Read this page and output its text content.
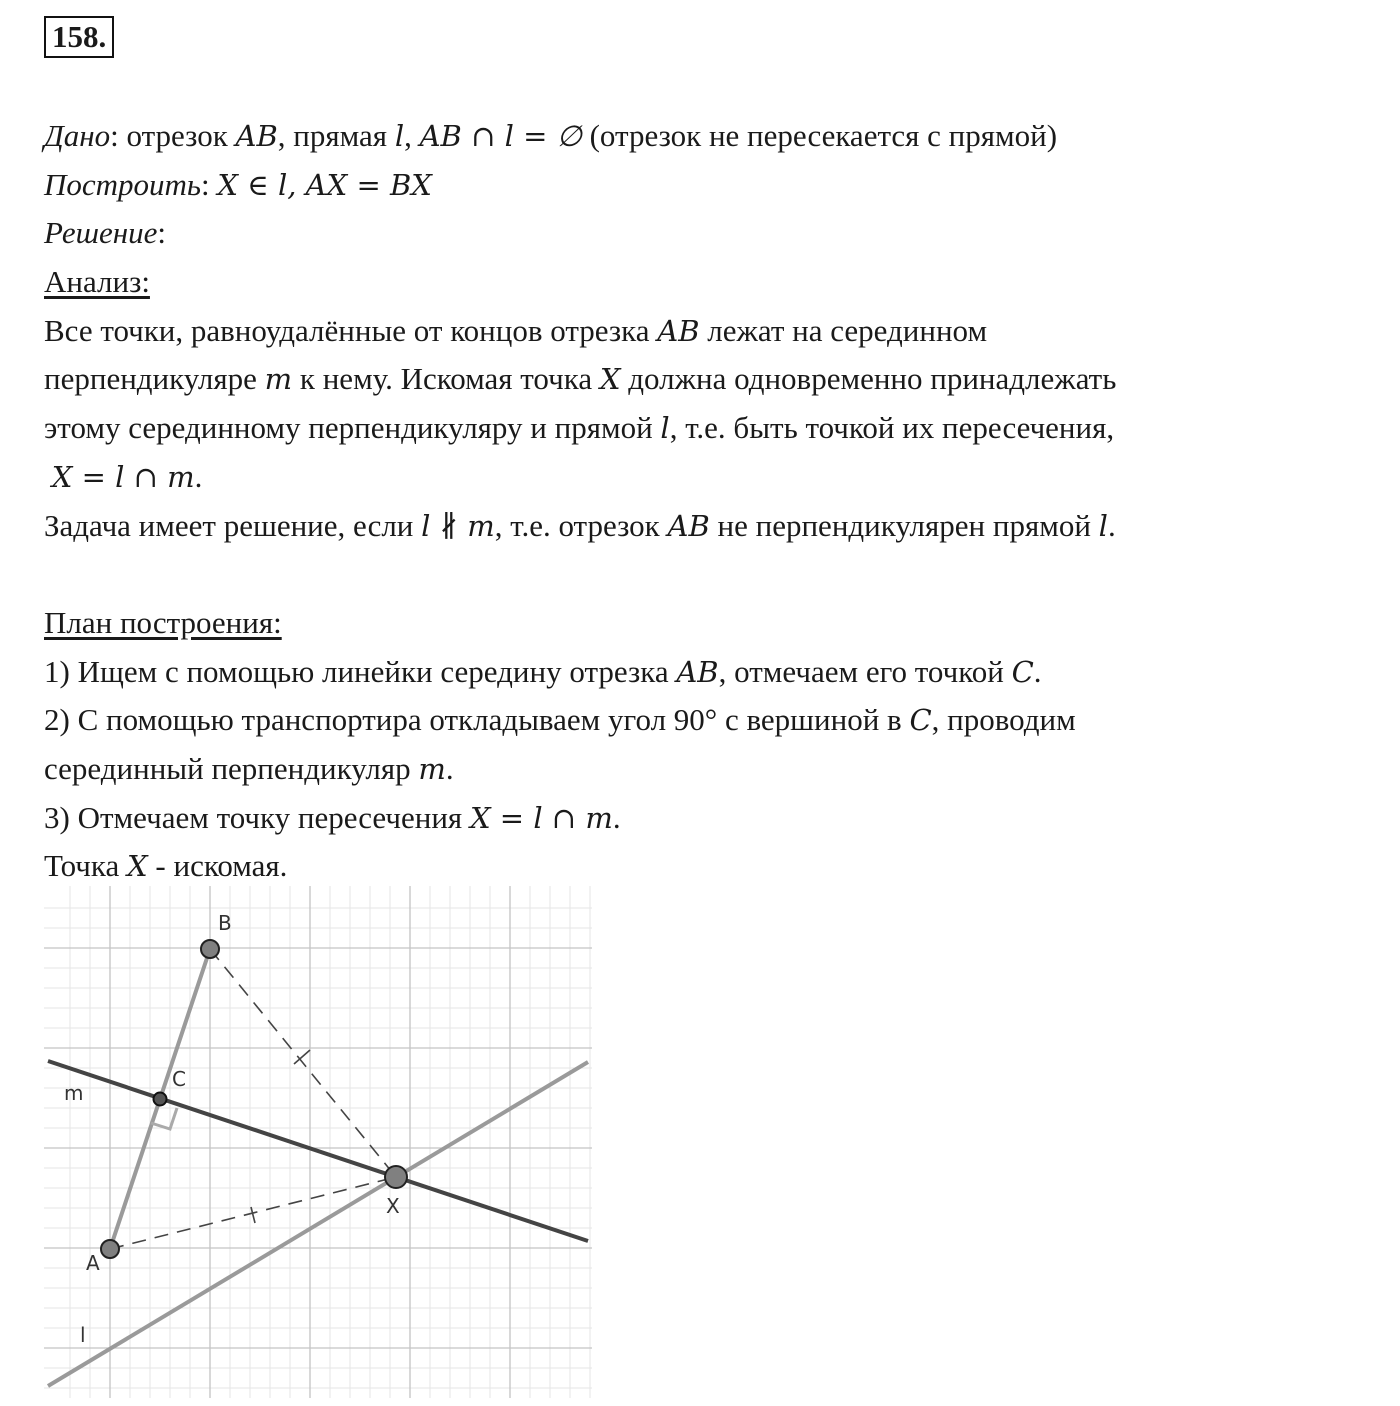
158.
Дано: отрезок AB, прямая l, AB ∩ l = ∅ (отрезок не пересекается с прямой)
Построить: X ∈ l, AX = BX
Решение:
Анализ:
Все точки, равноудалённые от концов отрезка AB лежат на серединном
перпендикуляре m к нему. Искомая точка X должна одновременно принадлежать
этому серединному перпендикуляру и прямой l, т.е. быть точкой их пересечения,
X = l ∩ m.
Задача имеет решение, если l ∦ m, т.е. отрезок AB не перпендикулярен прямой l.
План построения:
1) Ищем с помощью линейки середину отрезка AB, отмечаем его точкой C.
2) С помощью транспортира откладываем угол 90° с вершиной в C, проводим
серединный перпендикуляр m.
3) Отмечаем точку пересечения X = l ∩ m.
Точка X - искомая.
B
C
m
X
A
l
